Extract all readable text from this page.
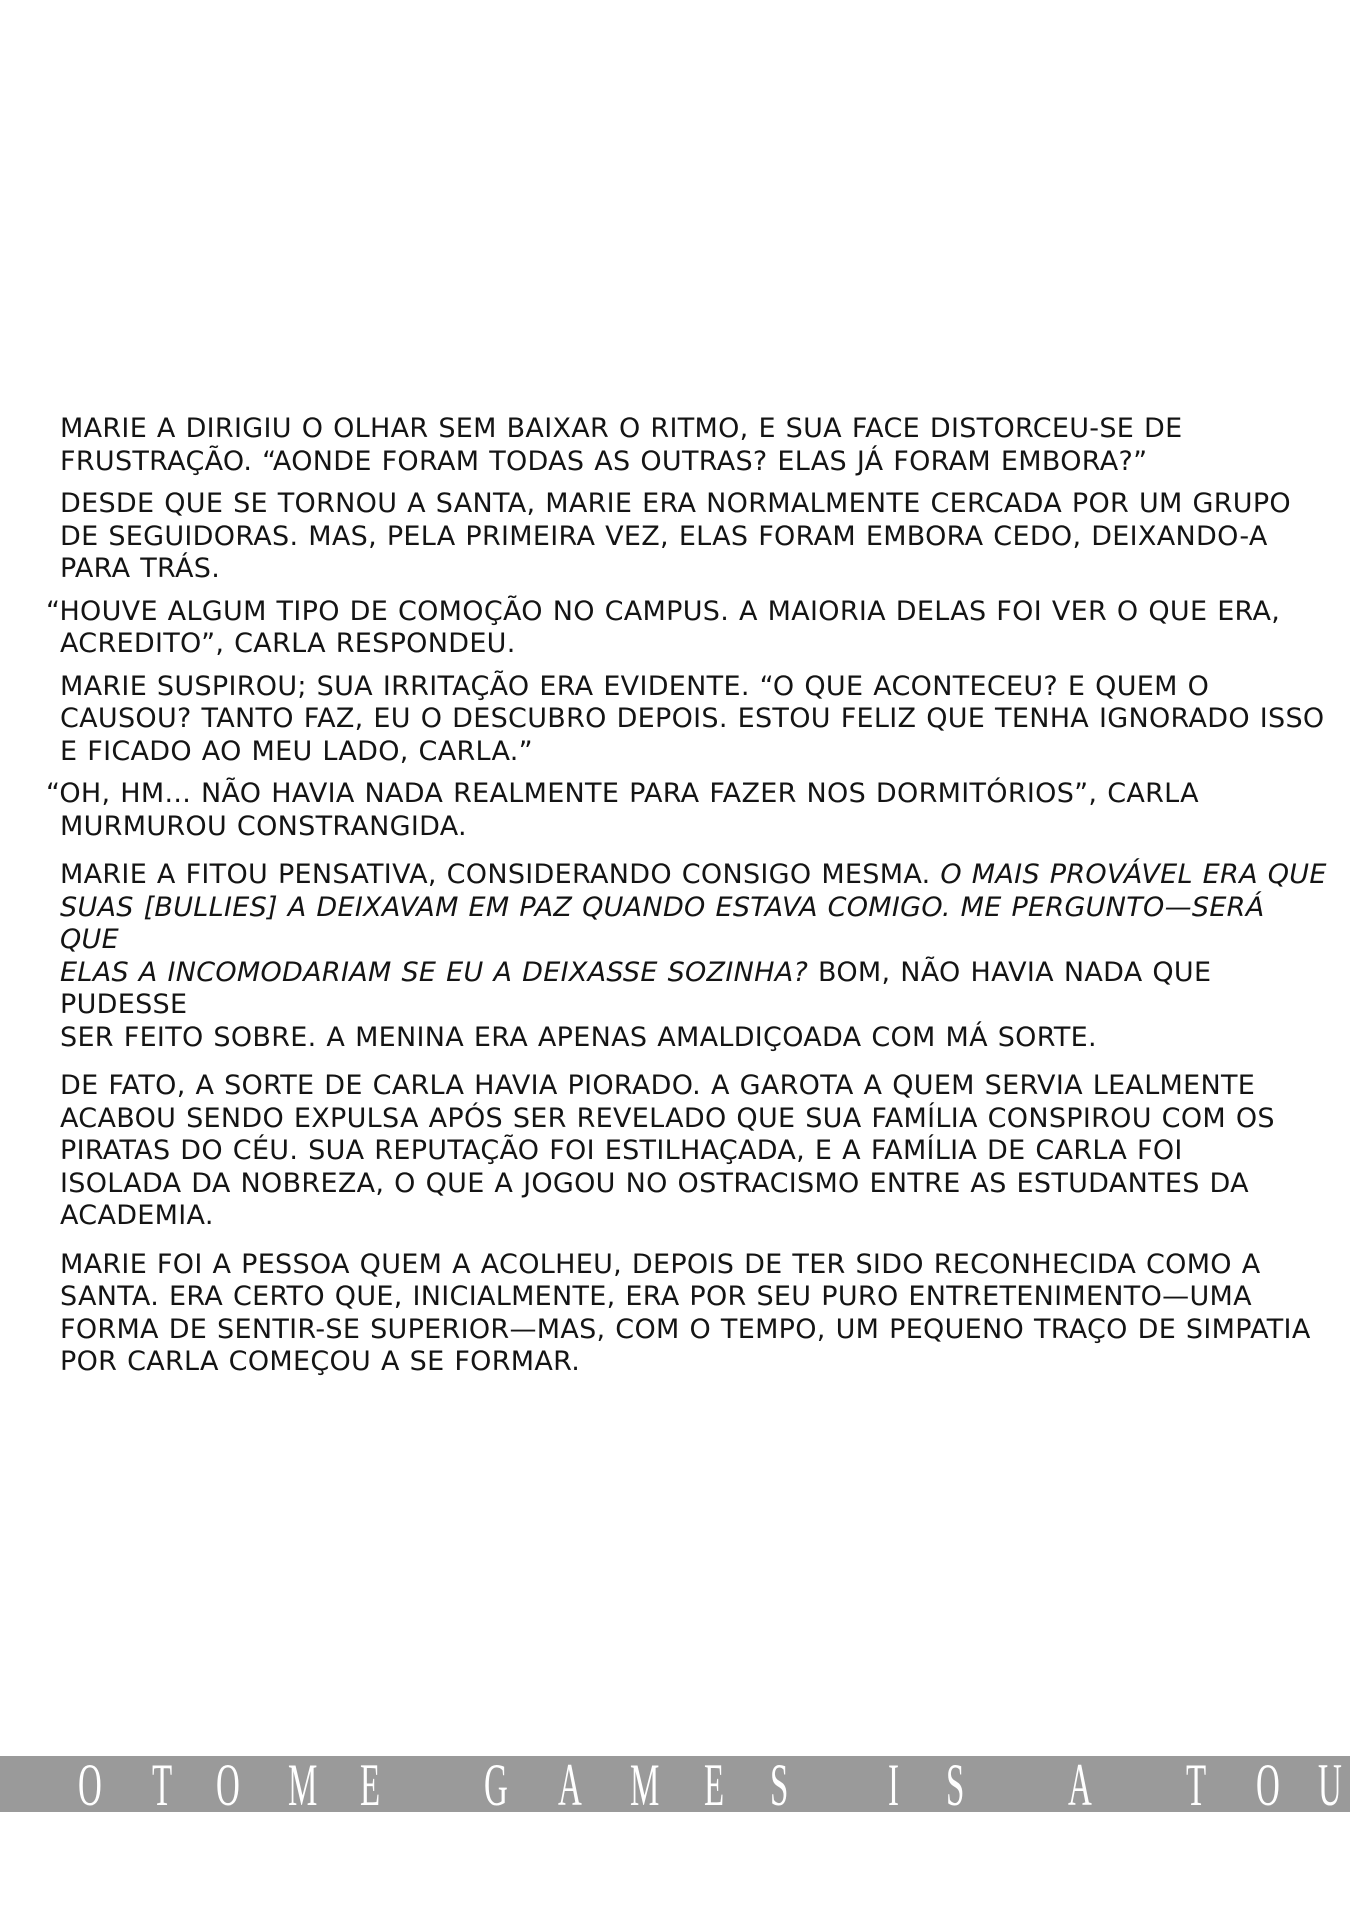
MARIE A DIRIGIU O OLHAR SEM BAIXAR O RITMO, E SUA FACE DISTORCEU-SE DE
FRUSTRAÇÃO. “AONDE FORAM TODAS AS OUTRAS? ELAS JÁ FORAM EMBORA?”

DESDE QUE SE TORNOU A SANTA, MARIE ERA NORMALMENTE CERCADA POR UM GRUPO
DE SEGUIDORAS. MAS, PELA PRIMEIRA VEZ, ELAS FORAM EMBORA CEDO, DEIXANDO-A
PARA TRÁS.

“HOUVE ALGUM TIPO DE COMOÇÃO NO CAMPUS. A MAIORIA DELAS FOI VER O QUE ERA,
ACREDITO”, CARLA RESPONDEU.

MARIE SUSPIROU; SUA IRRITAÇÃO ERA EVIDENTE. “O QUE ACONTECEU? E QUEM O
CAUSOU? TANTO FAZ, EU O DESCUBRO DEPOIS. ESTOU FELIZ QUE TENHA IGNORADO ISSO
E FICADO AO MEU LADO, CARLA.”

“OH, HM... NÃO HAVIA NADA REALMENTE PARA FAZER NOS DORMITÓRIOS”, CARLA
MURMUROU CONSTRANGIDA.

MARIE A FITOU PENSATIVA, CONSIDERANDO CONSIGO MESMA. O MAIS PROVÁVEL ERA QUE
SUAS [BULLIES] A DEIXAVAM EM PAZ QUANDO ESTAVA COMIGO. ME PERGUNTO—SERÁ QUE
ELAS A INCOMODARIAM SE EU A DEIXASSE SOZINHA? BOM, NÃO HAVIA NADA QUE PUDESSE
SER FEITO SOBRE. A MENINA ERA APENAS AMALDIÇOADA COM MÁ SORTE.

DE FATO, A SORTE DE CARLA HAVIA PIORADO. A GAROTA A QUEM SERVIA LEALMENTE
ACABOU SENDO EXPULSA APÓS SER REVELADO QUE SUA FAMÍLIA CONSPIROU COM OS
PIRATAS DO CÉU. SUA REPUTAÇÃO FOI ESTILHAÇADA, E A FAMÍLIA DE CARLA FOI
ISOLADA DA NOBREZA, O QUE A JOGOU NO OSTRACISMO ENTRE AS ESTUDANTES DA
ACADEMIA.

MARIE FOI A PESSOA QUEM A ACOLHEU, DEPOIS DE TER SIDO RECONHECIDA COMO A
SANTA. ERA CERTO QUE, INICIALMENTE, ERA POR SEU PURO ENTRETENIMENTO—UMA
FORMA DE SENTIR-SE SUPERIOR—MAS, COM O TEMPO, UM PEQUENO TRAÇO DE SIMPATIA
POR CARLA COMEÇOU A SE FORMAR.

O T O M E G A M E S I S A T O U
